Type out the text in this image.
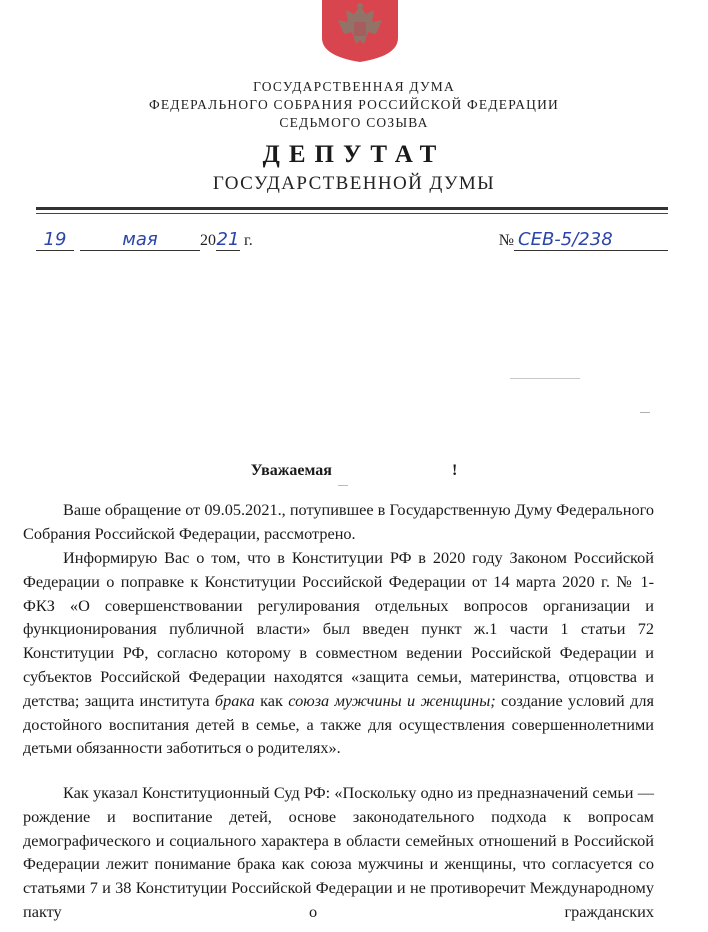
ГОСУДАРСТВЕННАЯ ДУМА
ФЕДЕРАЛЬНОГО СОБРАНИЯ РОССИЙСКОЙ ФЕДЕРАЦИИ
СЕДЬМОГО СОЗЫВА
ДЕПУТАТ
ГОСУДАРСТВЕННОЙ ДУМЫ
19	мая	2021 г.	№ СЕВ-5/238
Уважаемая	!

Ваше обращение от 09.05.2021., потупившее в Государственную Думу Федерального Собрания Российской Федерации, рассмотрено.

Информирую Вас о том, что в Конституции РФ в 2020 году Законом Российской Федерации о поправке к Конституции Российской Федерации от 14 марта 2020 г. № 1-ФКЗ «О совершенствовании регулирования отдельных вопросов организации и функционирования публичной власти» был введен пункт ж.1 части 1 статьи 72 Конституции РФ, согласно которому в совместном ведении Российской Федерации и субъектов Российской Федерации находятся «защита семьи, материнства, отцовства и детства; защита института брака как союза мужчины и женщины; создание условий для достойного воспитания детей в семье, а также для осуществления совершеннолетними детьми обязанности заботиться о родителях».

Как указал Конституционный Суд РФ: «Поскольку одно из предназначений семьи — рождение и воспитание детей, основе законодательного подхода к вопросам демографического и социального характера в области семейных отношений в Российской Федерации лежит понимание брака как союза мужчины и женщины, что согласуется со статьями 7 и 38 Конституции Российской Федерации и не противоречит Международному пакту о гражданских
